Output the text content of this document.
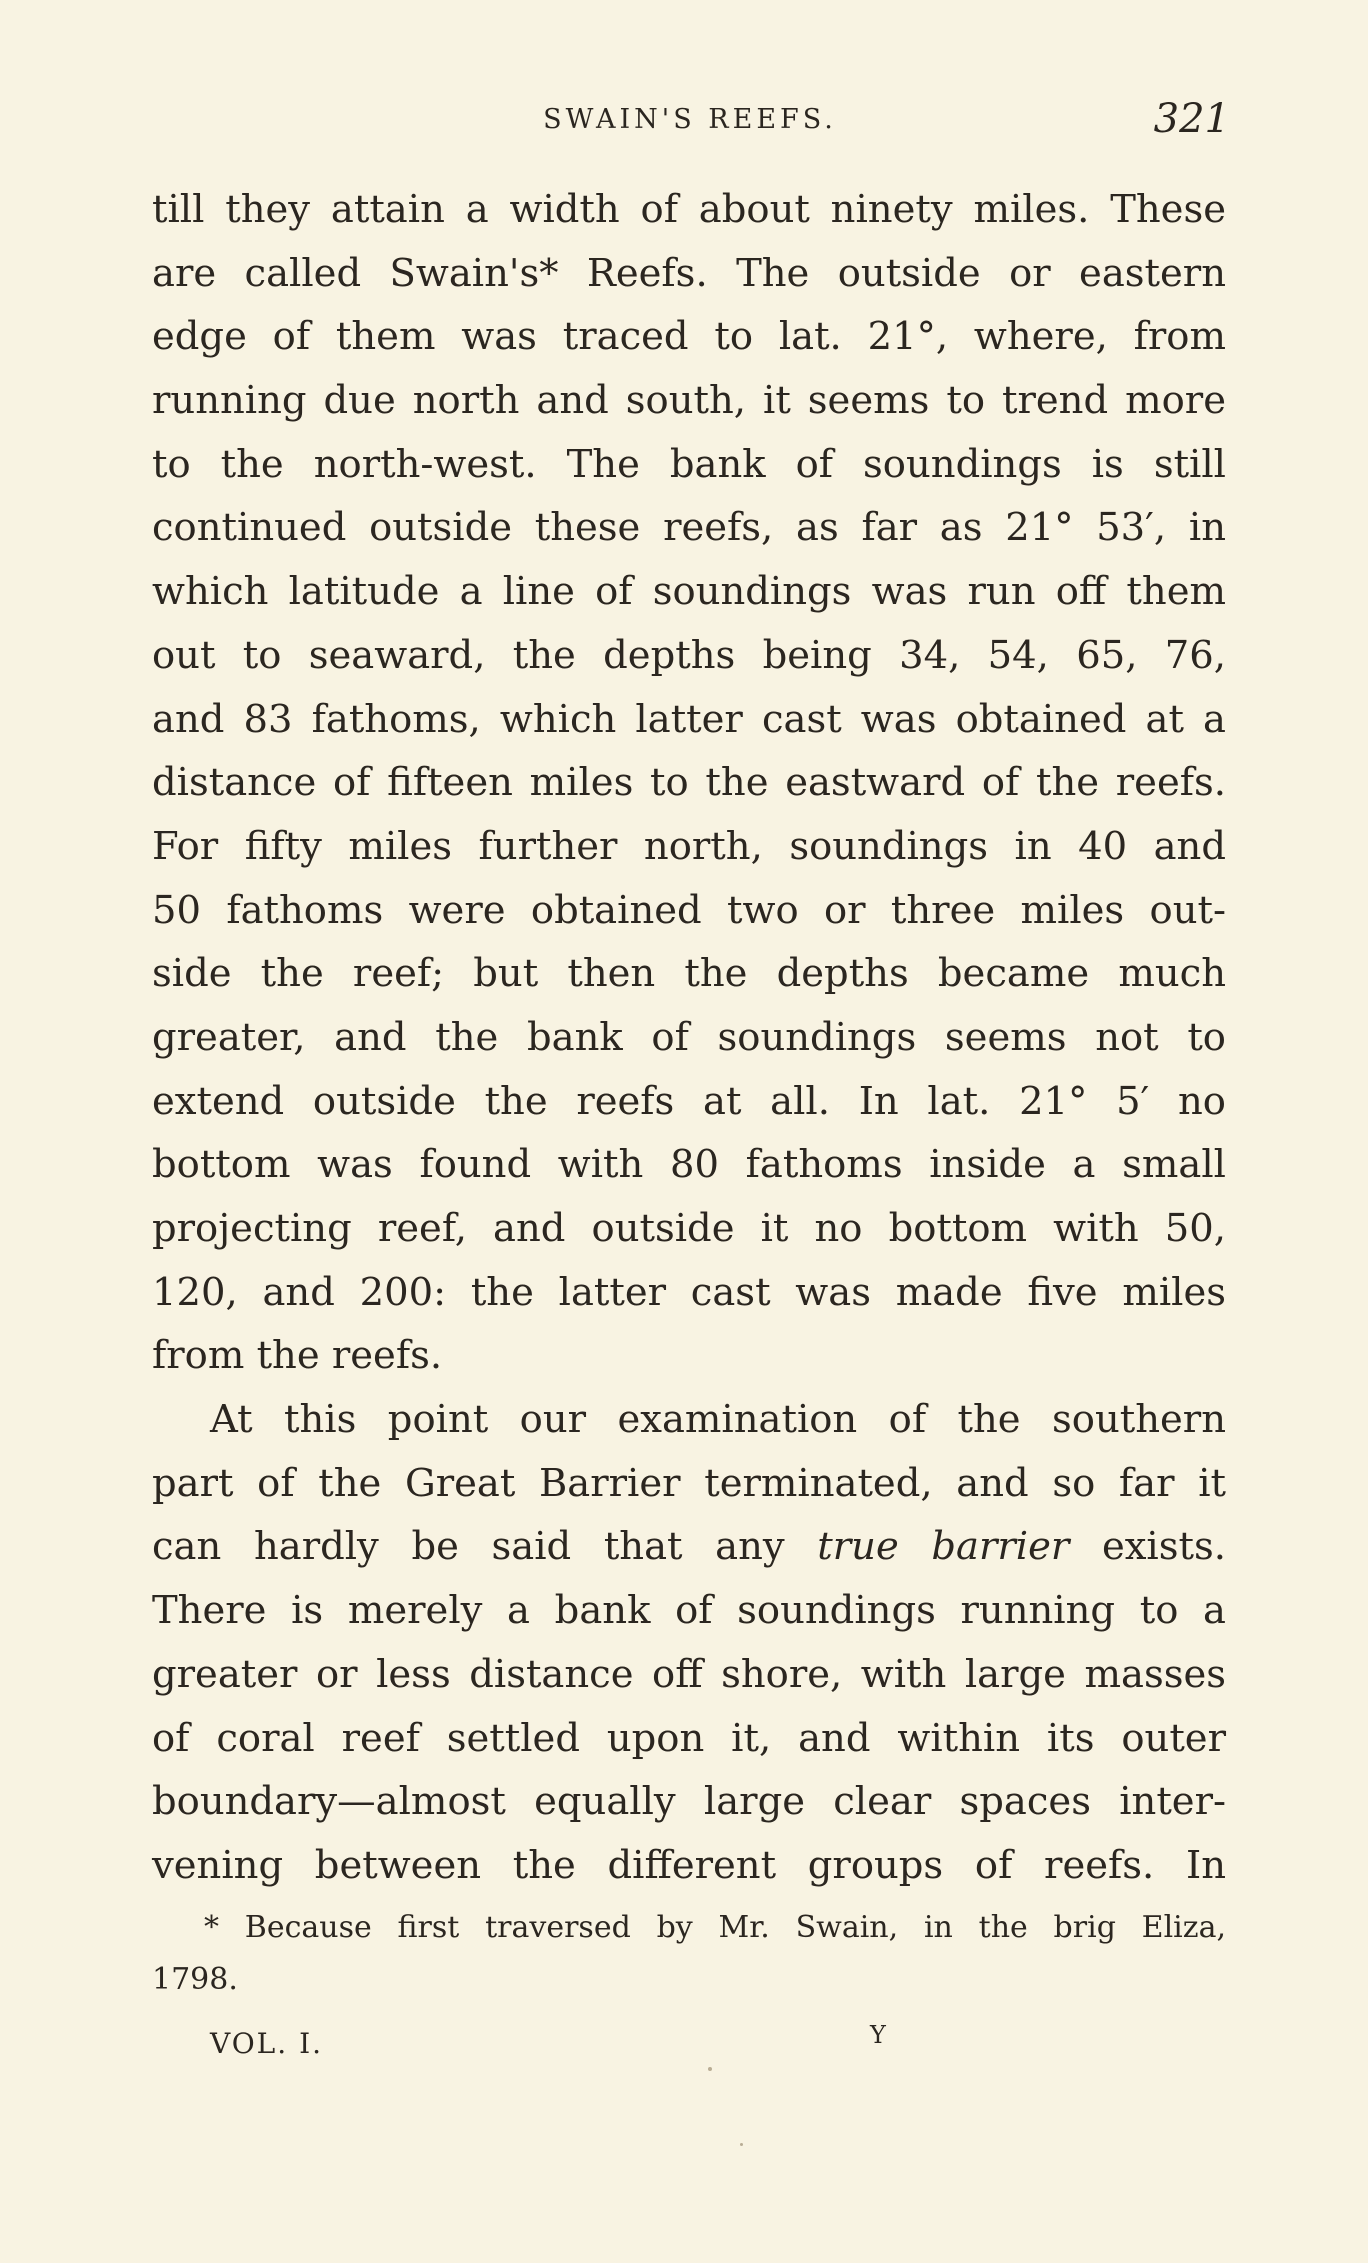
SWAIN'S REEFS.	321
till they attain a width of about ninety miles. These
are called Swain's* Reefs. The outside or eastern
edge of them was traced to lat. 21°, where, from
running due north and south, it seems to trend more
to the north-west. The bank of soundings is still
continued outside these reefs, as far as 21° 53′, in
which latitude a line of soundings was run off them
out to seaward, the depths being 34, 54, 65, 76,
and 83 fathoms, which latter cast was obtained at a
distance of fifteen miles to the eastward of the reefs.
For fifty miles further north, soundings in 40 and
50 fathoms were obtained two or three miles out-
side the reef; but then the depths became much
greater, and the bank of soundings seems not to
extend outside the reefs at all. In lat. 21° 5′ no
bottom was found with 80 fathoms inside a small
projecting reef, and outside it no bottom with 50,
120, and 200: the latter cast was made five miles
from the reefs.
At this point our examination of the southern
part of the Great Barrier terminated, and so far it
can hardly be said that any true barrier exists.
There is merely a bank of soundings running to a
greater or less distance off shore, with large masses
of coral reef settled upon it, and within its outer
boundary—almost equally large clear spaces inter-
vening between the different groups of reefs. In
* Because first traversed by Mr. Swain, in the brig Eliza,
1798.
VOL. I.	Y
